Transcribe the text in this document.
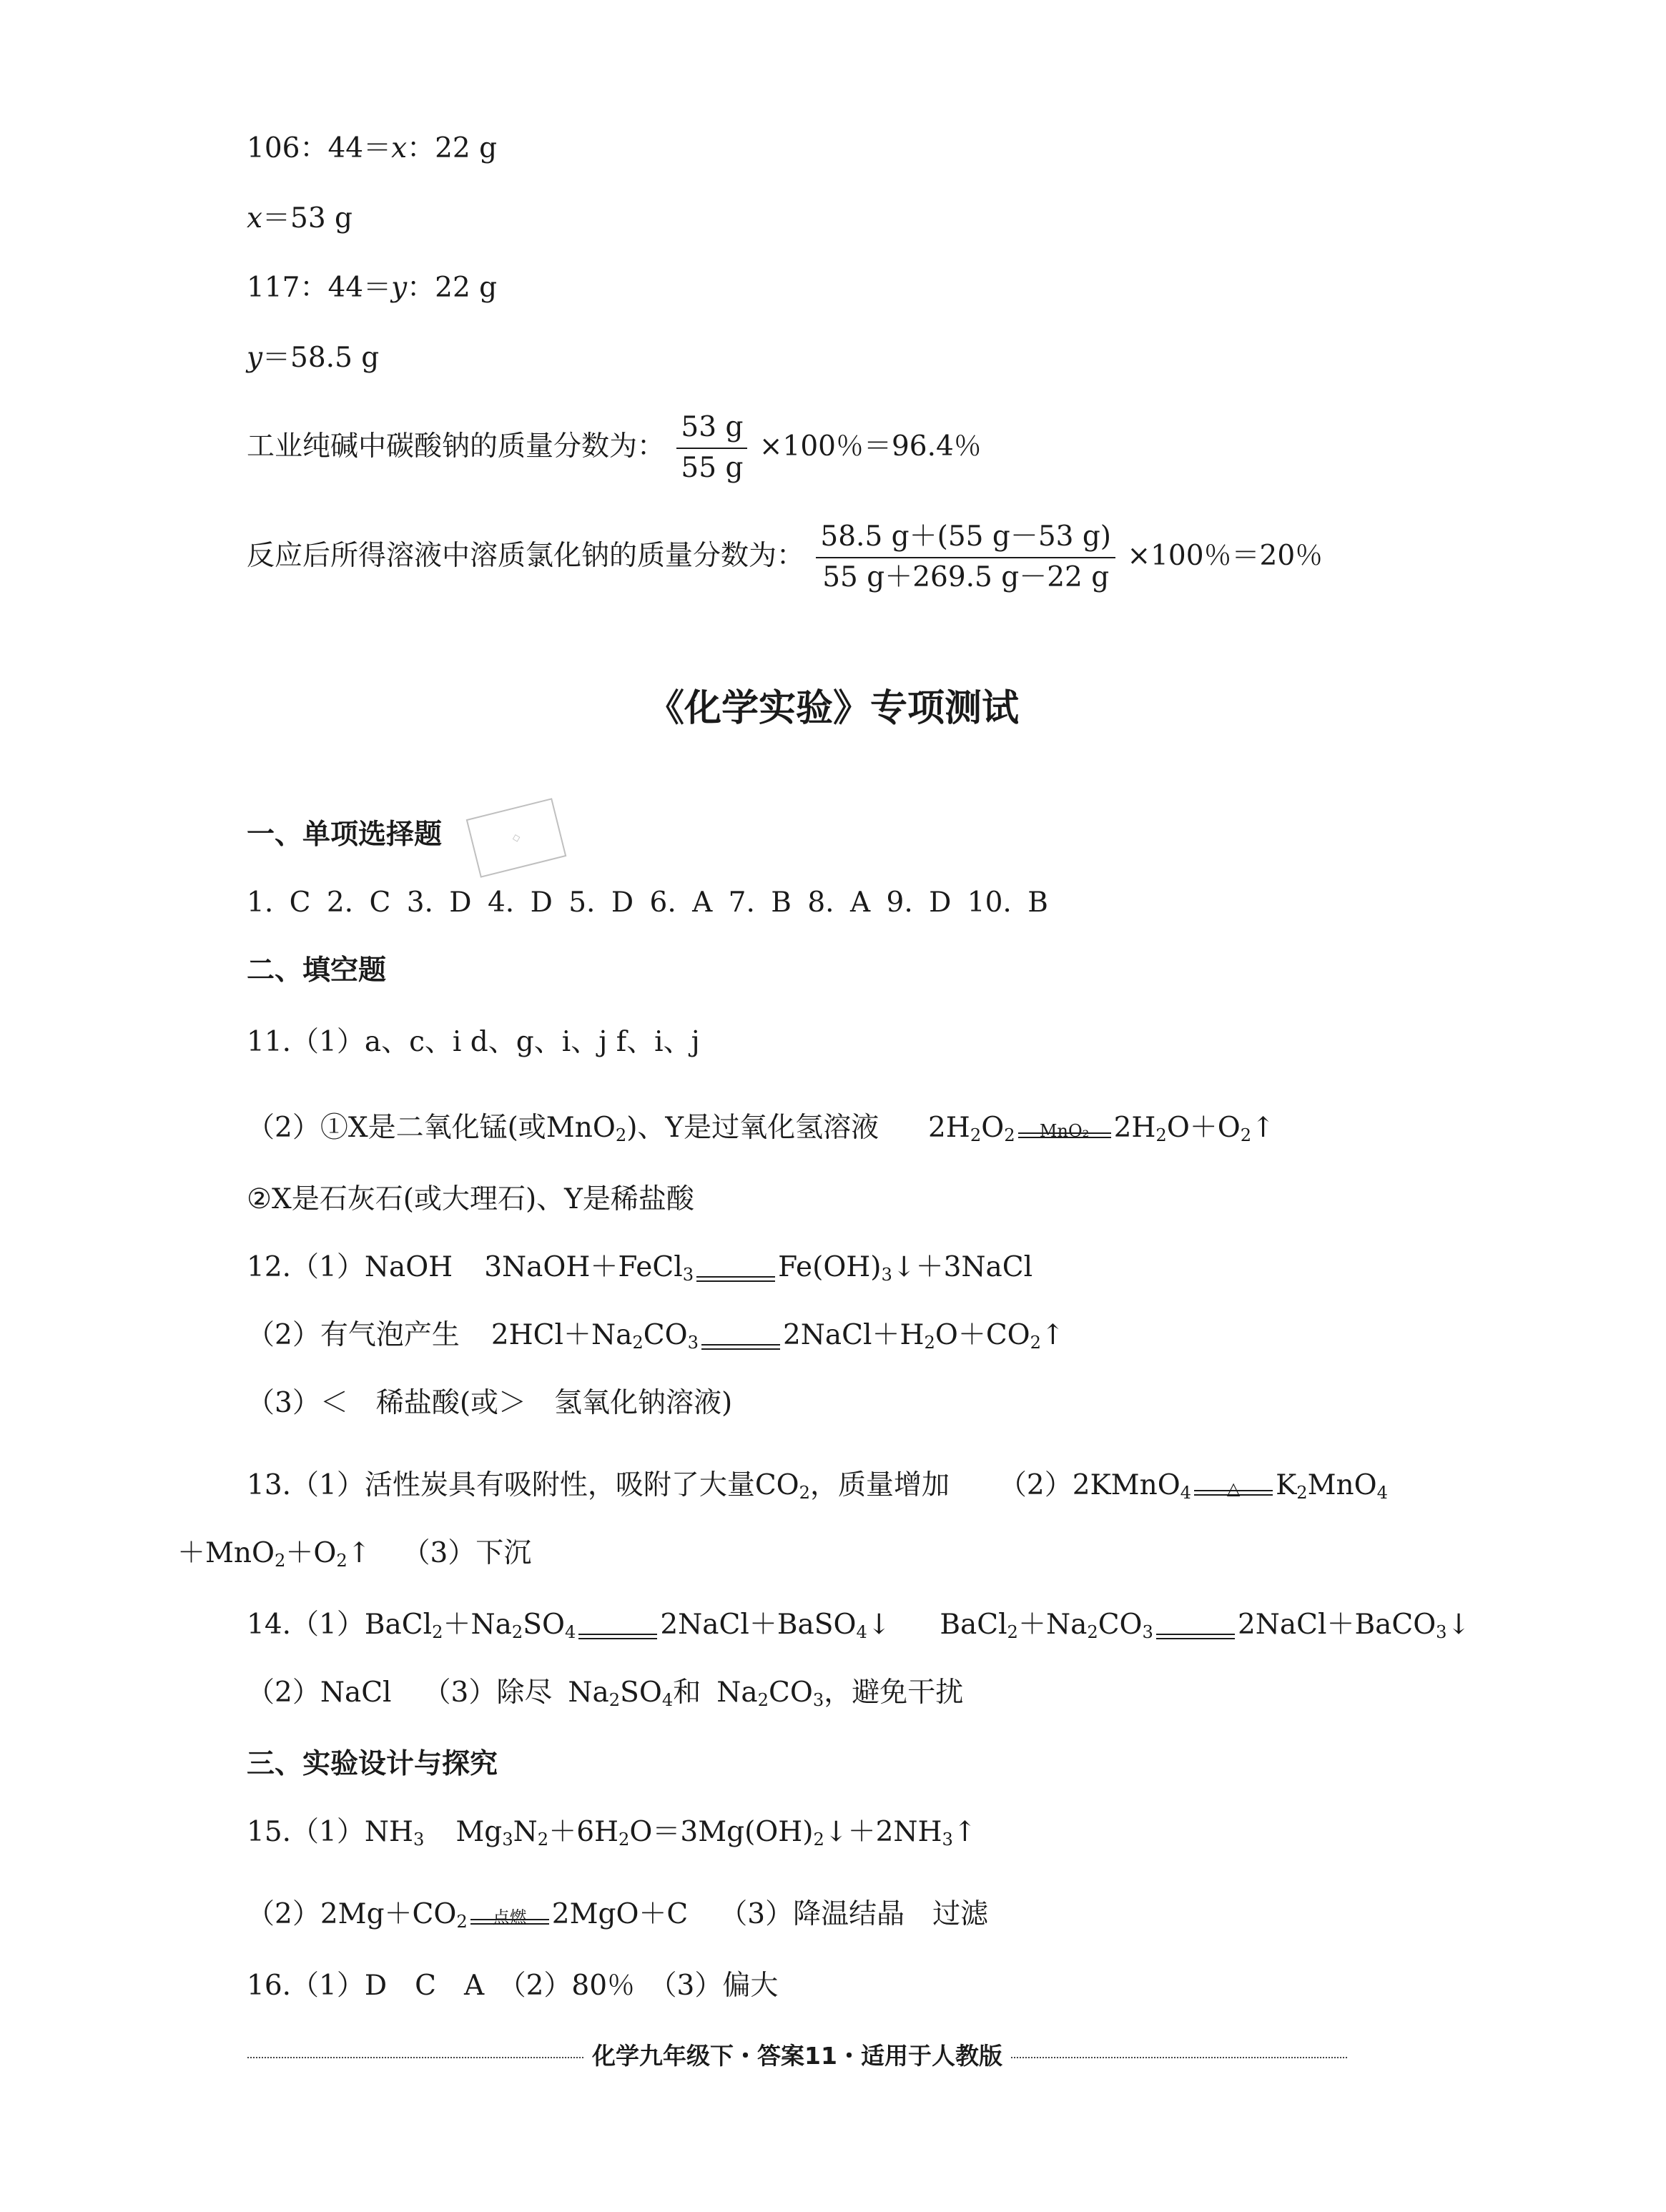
106：44＝x：22 g
x＝53 g
117：44＝y：22 g
y＝58.5 g
工业纯碱中碳酸钠的质量分数为： $\frac{53 g}{55 g} \times 100$％＝96.4％
反应后所得溶液中溶质氯化钠的质量分数为： $\frac{58.5 g+(55 g-53 g)}{55 g+269.5 g-22 g} \times 100$％＝20％
《化学实验》专项测试
◇
一、单项选择题
1. C 2. C 3. D 4. D 5. D 6. A 7. B 8. A 9. D 10. B
二、填空题
11.（1）a、c、i d、g、i、j f、i、j
（2）①X是二氧化锰(或MnO$_2$)、Y是过氧化氢溶液  $2H_2O_2$	MnO₂ $2H_2O+O_2↑$
②X是石灰石(或大理石)、Y是稀盐酸
12.（1）NaOH 3NaOH＋FeCl$_3$
	$Fe(OH)_3↓+3NaCl$
（2）有气泡产生 $2HCl+Na_2CO_3$
	$2NaCl+H_2O+CO_2↑$
（3）＜　稀盐酸(或＞　氢氧化钠溶液)
13.（1）活性炭具有吸附性，吸附了大量$CO_2$，质量增加 （2）2KMnO$_4$	△	$K_2MnO_4$
$+MnO_2+O_2↑$ （3）下沉
$14.(1)BaCl_2+Na_2SO_4$
	2NaCl＋BaSO$_4$↓  $BaCl_2+Na_2CO_3$
	2NaCl＋BaCO$_3$↓
（2）NaCl （3）除尽 $Na_2SO_4$和 $Na_2CO_3$，避免干扰
三、实验设计与探究
$15.(1)NH_3$ $Mg_3N_2+6H_2O=3Mg(OH)_2↓+2NH_3↑$
$(2)2Mg+CO_2$	点燃 2MgO＋C （3）降温结晶　过滤
16.（1）D　C　A　（2）80％　（3）偏大
化学九年级下・答案11・适用于人教版
